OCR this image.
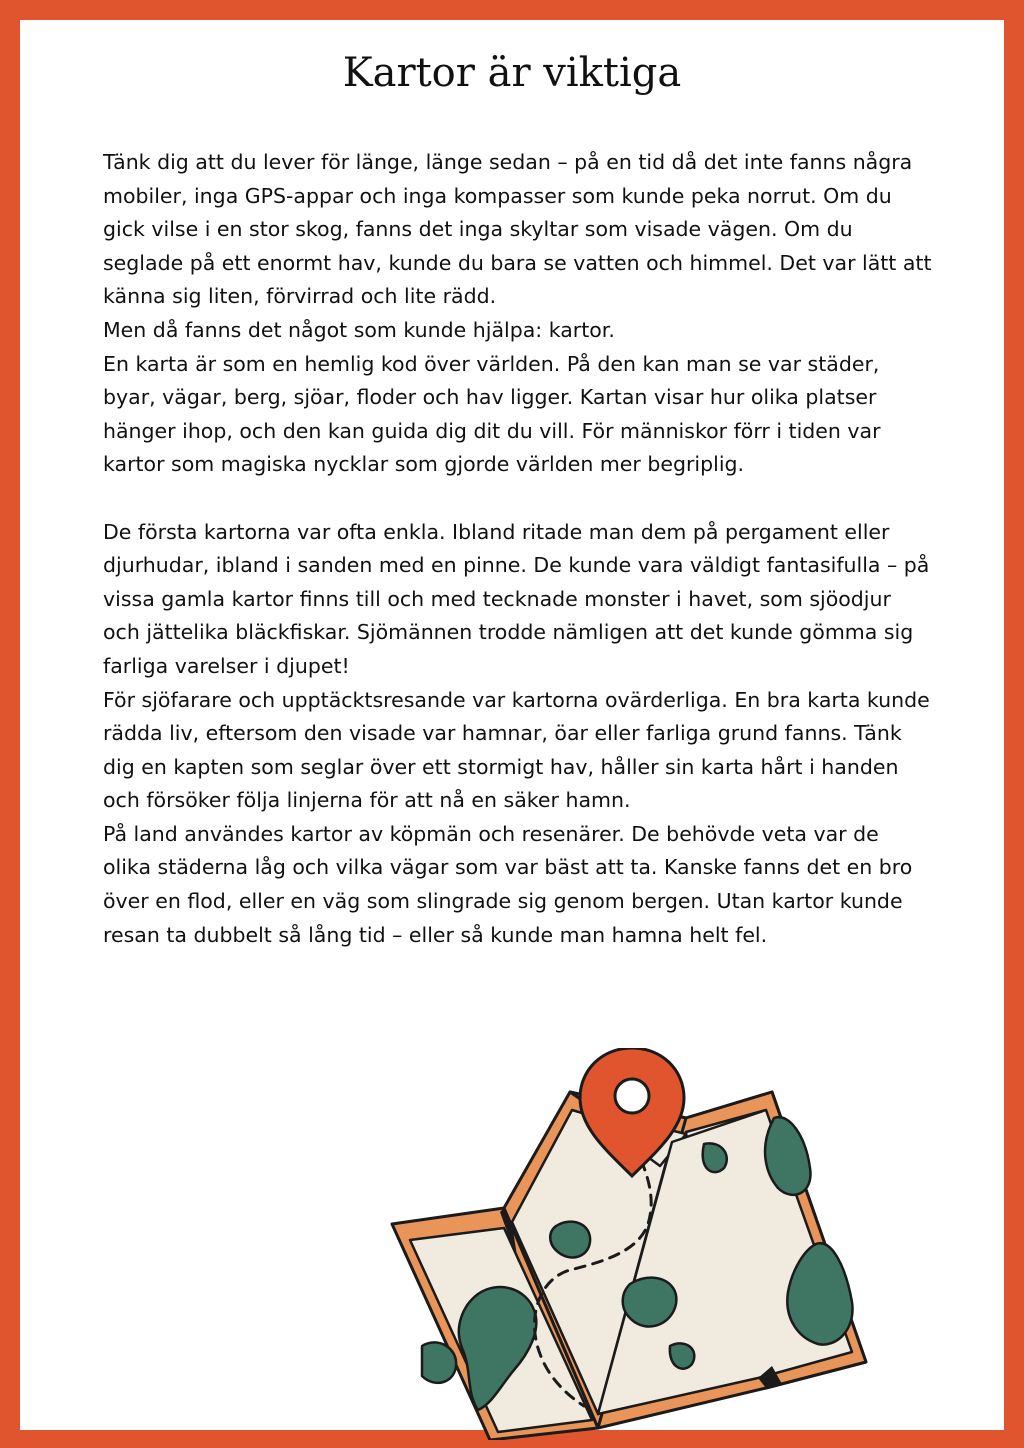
Kartor är viktiga

Tänk dig att du lever för länge, länge sedan – på en tid då det inte fanns några mobiler, inga GPS-appar och inga kompasser som kunde peka norrut. Om du gick vilse i en stor skog, fanns det inga skyltar som visade vägen. Om du seglade på ett enormt hav, kunde du bara se vatten och himmel. Det var lätt att känna sig liten, förvirrad och lite rädd.

Men då fanns det något som kunde hjälpa: kartor.

En karta är som en hemlig kod över världen. På den kan man se var städer, byar, vägar, berg, sjöar, floder och hav ligger. Kartan visar hur olika platser hänger ihop, och den kan guida dig dit du vill. För människor förr i tiden var kartor som magiska nycklar som gjorde världen mer begriplig.

De första kartorna var ofta enkla. Ibland ritade man dem på pergament eller djurhudar, ibland i sanden med en pinne. De kunde vara väldigt fantasifulla – på vissa gamla kartor finns till och med tecknade monster i havet, som sjöodjur och jättelika bläckfiskar. Sjömännen trodde nämligen att det kunde gömma sig farliga varelser i djupet!

För sjöfarare och upptäcktsresande var kartorna ovärderliga. En bra karta kunde rädda liv, eftersom den visade var hamnar, öar eller farliga grund fanns. Tänk dig en kapten som seglar över ett stormigt hav, håller sin karta hårt i handen och försöker följa linjerna för att nå en säker hamn.

På land användes kartor av köpmän och resenärer. De behövde veta var de olika städerna låg och vilka vägar som var bäst att ta. Kanske fanns det en bro över en flod, eller en väg som slingrade sig genom bergen. Utan kartor kunde resan ta dubbelt så lång tid – eller så kunde man hamna helt fel.
